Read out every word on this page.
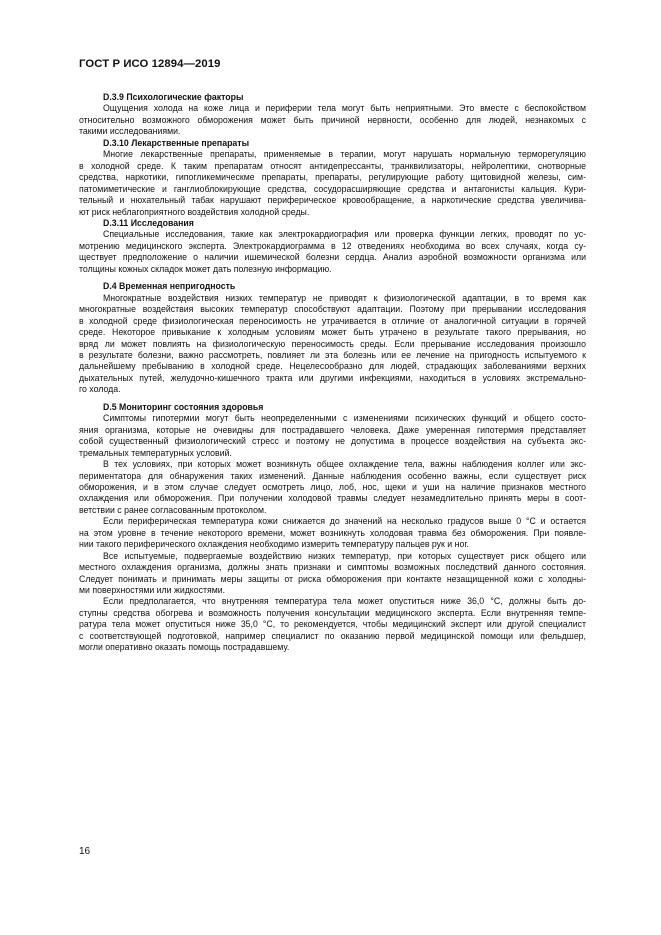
ГОСТ Р ИСО 12894—2019
D.3.9 Психологические факторы
Ощущения холода на коже лица и периферии тела могут быть неприятными. Это вместе с беспокойством
относительно возможного обморожения может быть причиной нервности, особенно для людей, незнакомых с
такими исследованиями.
D.3.10 Лекарственные препараты
Многие лекарственные препараты, применяемые в терапии, могут нарушать нормальную терморегуляцию
в холодной среде. К таким препаратам относят антидепрессанты, транквилизаторы, нейролептики, снотворные
средства, наркотики, гипогликемическме препараты, препараты, регулирующие работу щитовидной железы, сим-
патомиметические и ганглиоблокирующие средства, сосудорасширяющие средства и антагонисты кальция. Кури-
тельный и нюхательный табак нарушают периферическое кровообращение, а наркотические средства увеличива-
ют риск неблагоприятного воздействия холодной среды.
D.3.11 Исследования
Специальные исследования, такие как электрокардиография или проверка функции легких, проводят по ус-
мотрению медицинского эксперта. Электрокардиограмма в 12 отведениях необходима во всех случаях, когда су-
ществует предположение о наличии ишемической болезни сердца. Анализ аэробной возможности организма или
толщины кожных складок может дать полезную информацию.
D.4 Временная непригодность
Многократные воздействия низких температур не приводят к физиологической адаптации, в то время как
многократные воздействия высоких температур способствуют адаптации. Поэтому при прерывании исследования
в холодной среде физиологическая переносимость не утрачивается в отличие от аналогичной ситуации в горячей
среде. Некоторое привыкание к холодным условиям может быть утрачено в результате такого прерывания, но
вряд ли может повлиять на физиологическую переносимость среды. Если прерывание исследования произошло
в результате болезни, важно рассмотреть, повлияет ли эта болезнь или ее лечение на пригодность испытуемого к
дальнейшему пребыванию в холодной среде. Нецелесообразно для людей, страдающих заболеваниями верхних
дыхательных путей, желудочно-кишечного тракта или другими инфекциями, находиться в условиях экстремально-
го холода.
D.5 Мониторинг состояния здоровья
Симптомы гипотермии могут быть неопределенными с изменениями психических функций и общего состо-
яния организма, которые не очевидны для пострадавшего человека. Даже умеренная гипотермия представляет
собой существенный физиологический стресс и поэтому не допустима в процессе воздействия на субъекта экс-
тремальных температурных условий.
В тех условиях, при которых может возникнуть общее охлаждение тела, важны наблюдения коллег или экс-
периментатора для обнаружения таких изменений. Данные наблюдения особенно важны, если существует риск
обморожения, и в этом случае следует осмотреть лицо, лоб, нос, щеки и уши на наличие признаков местного
охлаждения или обморожения. При получении холодовой травмы следует незамедлительно принять меры в соот-
ветствии с ранее согласованным протоколом.
Если периферическая температура кожи снижается до значений на несколько градусов выше 0 °С и остается
на этом уровне в течение некоторого времени, может возникнуть холодовая травма без обморожения. При появле-
нии такого периферического охлаждения необходимо измерить температуру пальцев рук и ног.
Все испытуемые, подвергаемые воздействию низких температур, при которых существует риск общего или
местного охлаждения организма, должны знать признаки и симптомы возможных последствий данного состояния.
Следует понимать и принимать меры защиты от риска обморожения при контакте незащищенной кожи с холодны-
ми поверхностями или жидкостями.
Если предполагается, что внутренняя температура тела может опуститься ниже 36,0 °С, должны быть до-
ступны средства обогрева и возможность получения консультации медицинского эксперта. Если внутренняя темпе-
ратура тела может опуститься ниже 35,0 °С, то рекомендуется, чтобы медицинский эксперт или другой специалист
с соответствующей подготовкой, например специалист по оказанию первой медицинской помощи или фельдшер,
могли оперативно оказать помощь пострадавшему.
16
